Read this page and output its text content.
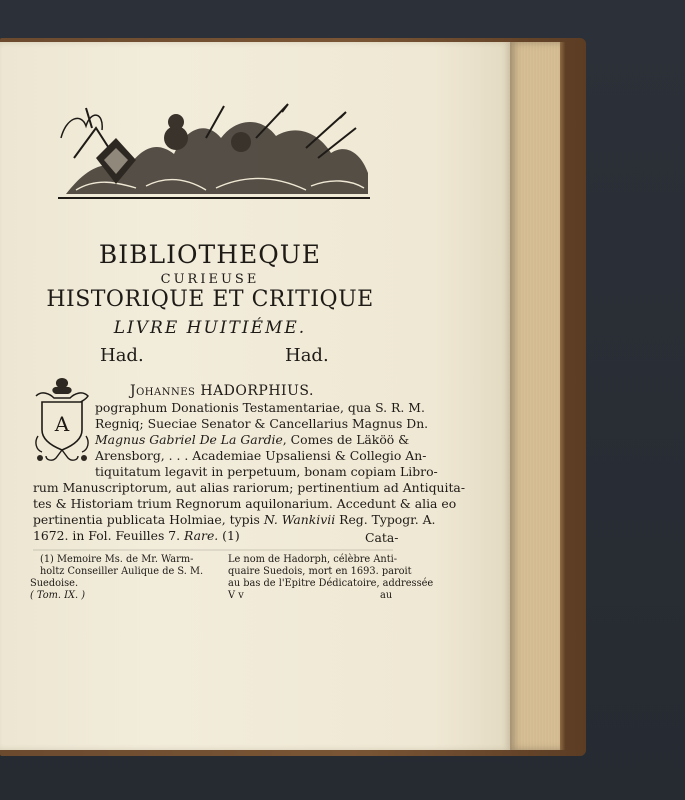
BIBLIOTHEQUE
CURIEUSE
HISTORIQUE ET CRITIQUE
LIVRE HUITIÉME.
Had.	Had.
A
Johannes HADORPHIUS.
pographum Donationis Testamentariae, qua S. R. M.
Regniq; Sueciae Senator & Cancellarius Magnus Dn.
Magnus Gabriel De La Gardie, Comes de Läköö &
Arensborg, . . . Academiae Upsaliensi & Collegio An-
tiquitatum legavit in perpetuum, bonam copiam Libro-
rum Manuscriptorum, aut alias rariorum; pertinentium ad Antiquita-
tes & Historiam trium Regnorum aquilonarium. Accedunt & alia eo
pertinentia publicata Holmiae, typis N. Wankivii Reg. Typogr. A.
1672. in Fol. Feuilles 7. Rare. (1)	Cata-
(1) Memoire Ms. de Mr. Warm-
holtz Conseiller Aulique de S. M.
Suedoise.
Le nom de Hadorph, célèbre Anti-
quaire Suedois, mort en 1693. paroit
au bas de l'Epitre Dédicatoire, addressée
au
( Tom. IX. )	V v
